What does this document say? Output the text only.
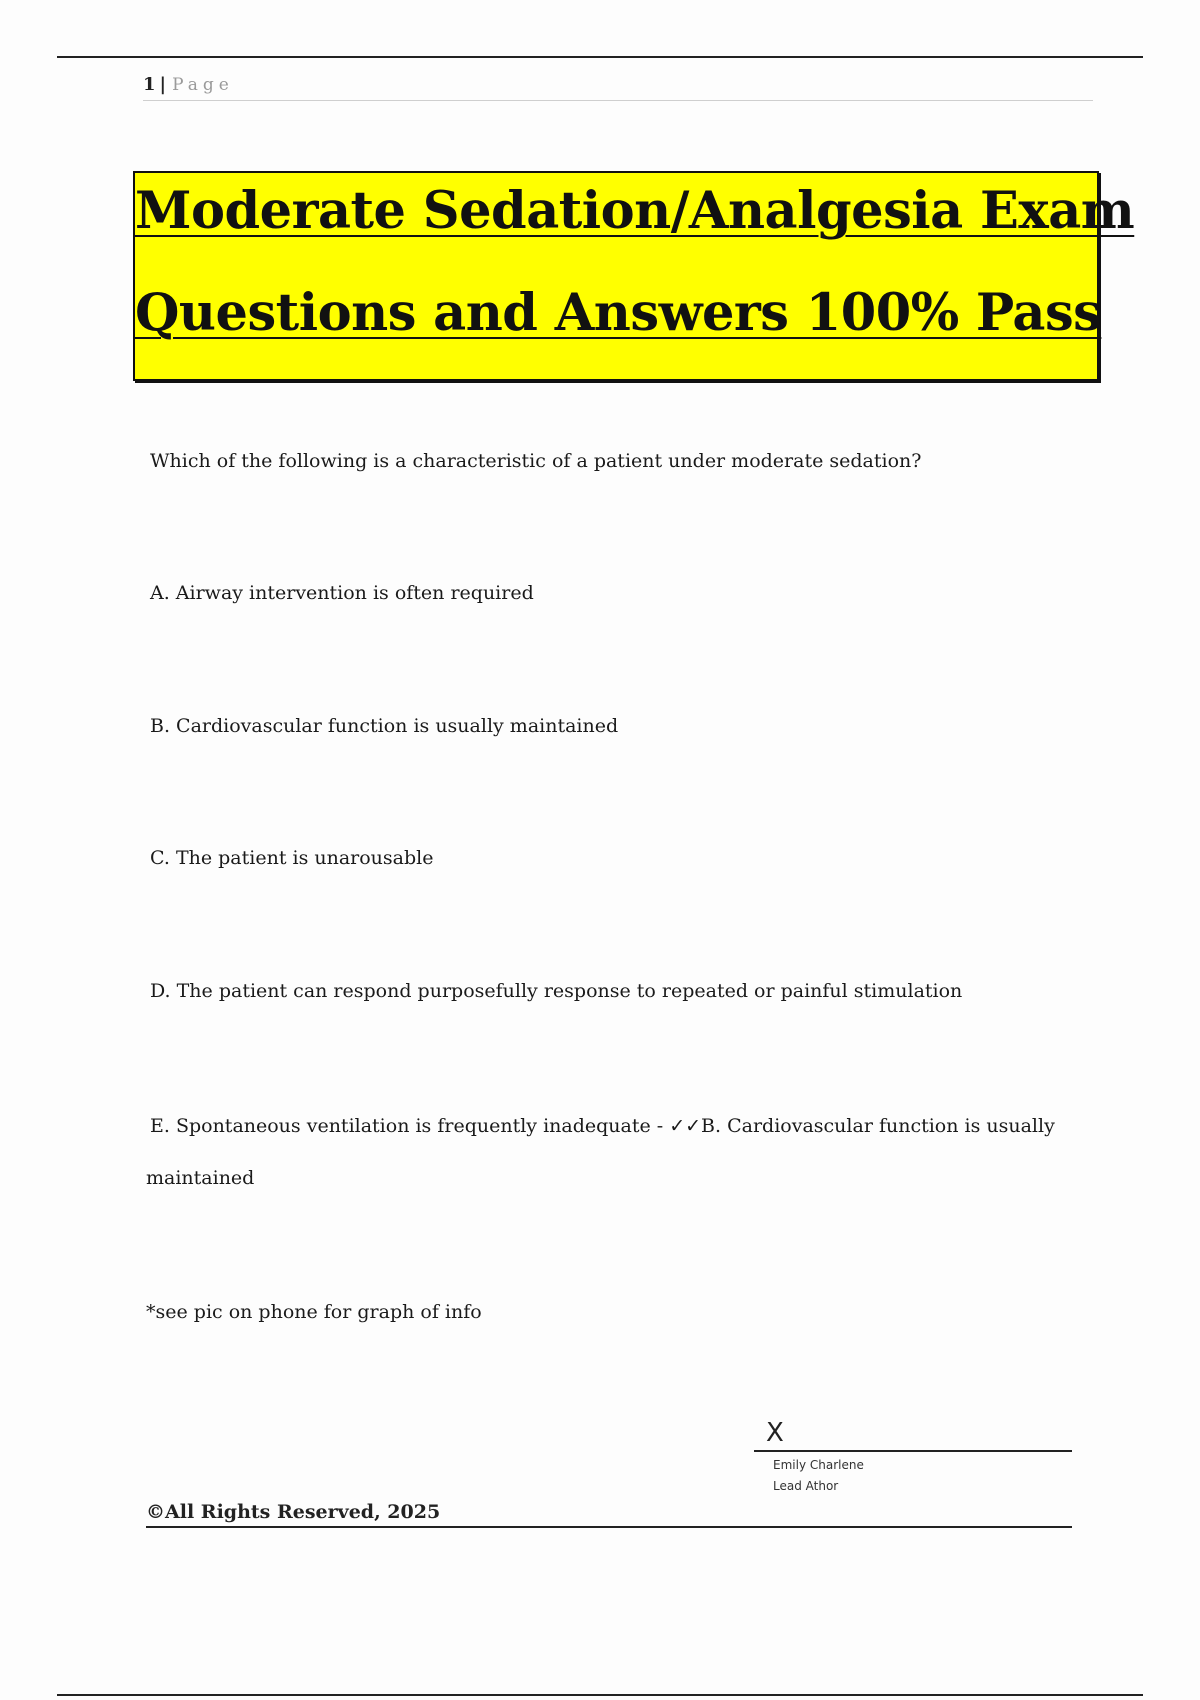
1 | Page
Moderate Sedation/Analgesia Exam
Questions and Answers 100% Pass
Which of the following is a characteristic of a patient under moderate sedation?
A. Airway intervention is often required
B. Cardiovascular function is usually maintained
C. The patient is unarousable
D. The patient can respond purposefully response to repeated or painful stimulation
E. Spontaneous ventilation is frequently inadequate - ✓✓B. Cardiovascular function is usually
maintained
*see pic on phone for graph of info
X
Emily Charlene
Lead Athor
©All Rights Reserved, 2025
